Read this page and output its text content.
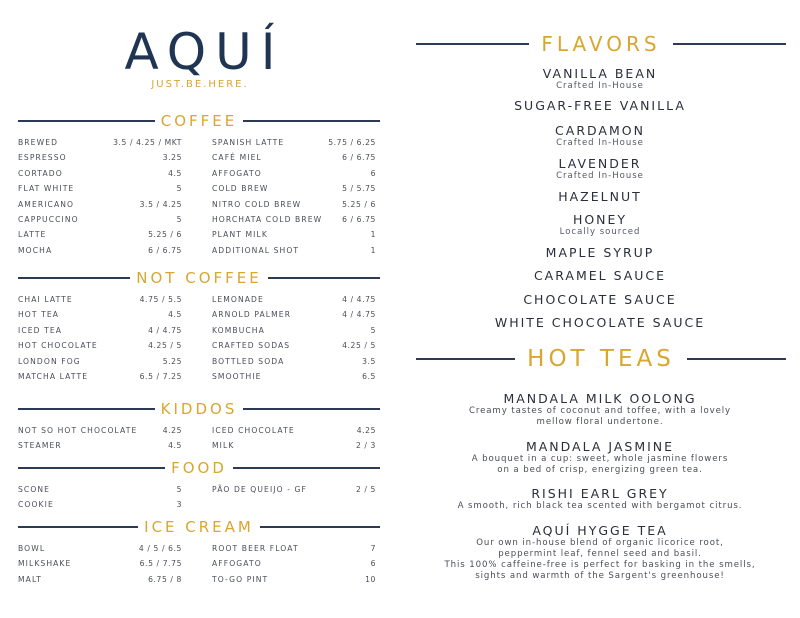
AQUÍ
JUST.BE.HERE.
COFFEE
BREWED	3.5 / 4.25 / MKT	SPANISH LATTE	5.75 / 6.25
ESPRESSO	3.25	CAFÉ MIEL	6 / 6.75
CORTADO	4.5	AFFOGATO	6
FLAT WHITE	5	COLD BREW	5 / 5.75
AMERICANO	3.5 / 4.25	NITRO COLD BREW	5.25 / 6
CAPPUCCINO	5	HORCHATA COLD BREW	6 / 6.75
LATTE	5.25 / 6	PLANT MILK	1
MOCHA	6 / 6.75	ADDITIONAL SHOT	1
NOT COFFEE
CHAI LATTE	4.75 / 5.5	LEMONADE	4 / 4.75
HOT TEA	4.5	ARNOLD PALMER	4 / 4.75
ICED TEA	4 / 4.75	KOMBUCHA	5
HOT CHOCOLATE	4.25 / 5	CRAFTED SODAS	4.25 / 5
LONDON FOG	5.25	BOTTLED SODA	3.5
MATCHA LATTE	6.5 / 7.25	SMOOTHIE	6.5
KIDDOS
NOT SO HOT CHOCOLATE	4.25	ICED CHOCOLATE	4.25
STEAMER	4.5	MILK	2 / 3
FOOD
SCONE	5	PÃO DE QUEIJO - GF	2 / 5
COOKIE	3
ICE CREAM
BOWL	4 / 5 / 6.5	ROOT BEER FLOAT	7
MILKSHAKE	6.5 / 7.75	AFFOGATO	6
MALT	6.75 / 8	TO-GO PINT	10
FLAVORS
VANILLA BEAN
Crafted In-House
SUGAR-FREE VANILLA
CARDAMON
Crafted In-House
LAVENDER
Crafted In-House
HAZELNUT
HONEY
Locally sourced
MAPLE SYRUP
CARAMEL SAUCE
CHOCOLATE SAUCE
WHITE CHOCOLATE SAUCE
HOT TEAS
MANDALA MILK OOLONG
Creamy tastes of coconut and toffee, with a lovely
mellow floral undertone.
MANDALA JASMINE
A bouquet in a cup: sweet, whole jasmine flowers
on a bed of crisp, energizing green tea.
RISHI EARL GREY
A smooth, rich black tea scented with bergamot citrus.
AQUÍ HYGGE TEA
Our own in-house blend of organic licorice root,
peppermint leaf, fennel seed and basil.
This 100% caffeine-free is perfect for basking in the smells,
sights and warmth of the Sargent's greenhouse!
